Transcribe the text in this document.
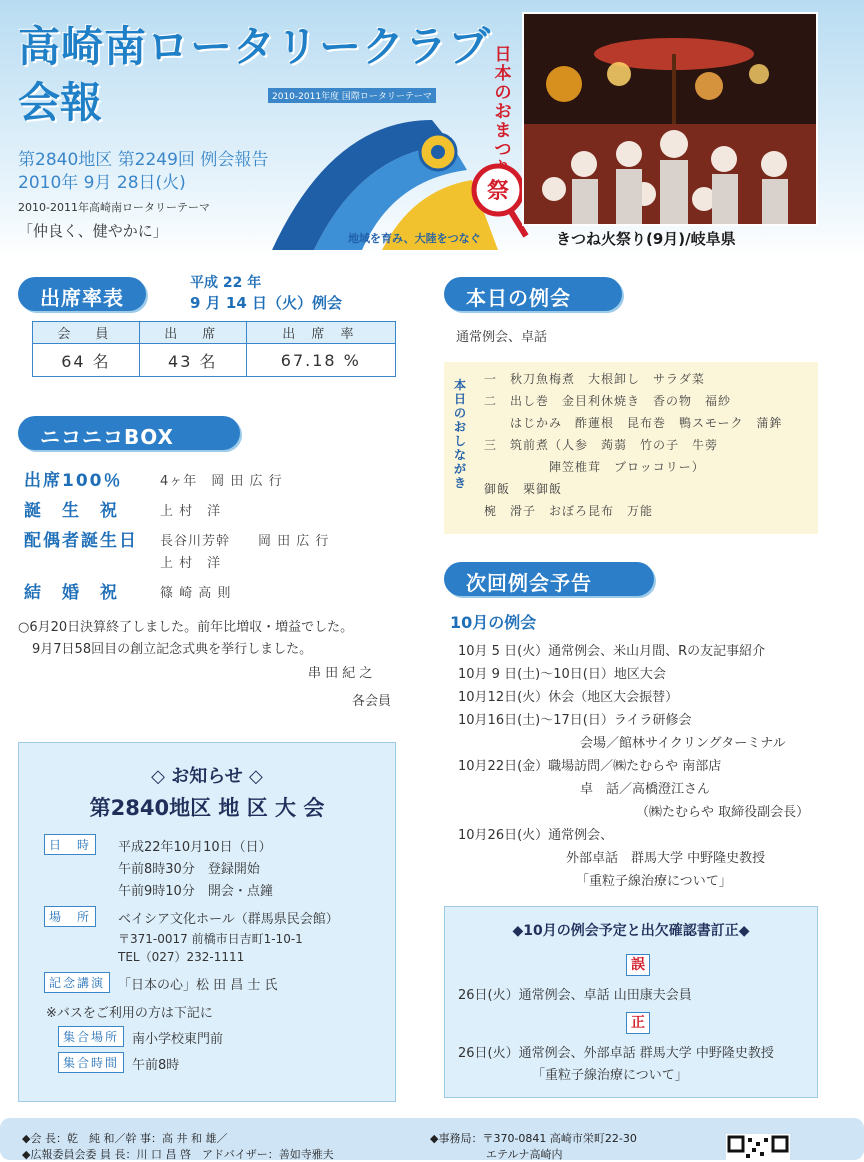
高崎南ロータリークラブ
会報
第2840地区 第2249回 例会報告
2010年 9月 28日(火)
2010-2011年高崎南ロータリーテーマ
「仲良く、健やかに」
2010-2011年度 国際ロータリーテーマ
地域を育み、大陸をつなぐ
日本のおまつ
祭
きつね火祭り(9月)/岐阜県
出席率表
平成 22 年
9 月 14 日（火）例会
会　員	出　席	出 席 率
64 名	43 名	67.18 %
ニコニコBOX
出席100％	4ヶ年　岡 田 広 行
誕　生　祝	上 村　洋
配偶者誕生日 長谷川芳幹　　岡 田 広 行
上 村　洋
結　婚　祝	篠 崎 高 則
○6月20日決算終了しました。前年比増収・増益でした。
9月7日58回目の創立記念式典を挙行しました。
串 田 紀 之
各会員
◇ お知らせ ◇
第2840地区 地 区 大 会
日　時	平成22年10月10日（日）
午前8時30分　登録開始
午前9時10分　開会・点鐘
場　所	ベイシア文化ホール（群馬県民会館）
〒371-0017 前橋市日吉町1-10-1
TEL（027）232-1111
記念講演 「日本の心」松 田 昌 士 氏
※バスをご利用の方は下記に
集合場所 南小学校東門前
集合時間 午前8時
本日の例会
通常例会、卓話
本日のおしながき
一　秋刀魚梅煮　大根卸し　サラダ菜
二　出し巻　金目利休焼き　香の物　福紗
　　はじかみ　酢蓮根　昆布巻　鴨スモーク　蒲鉾
三　筑前煮（人参　蒟蒻　竹の子　牛蒡
　　　　　陣笠椎茸　ブロッコリー）
御飯　栗御飯
椀　滑子　おぼろ昆布　万能
次回例会予告
10月の例会
10月 5 日(火）通常例会、米山月間、Rの友記事紹介
10月 9 日(土)～10日(日）地区大会
10月12日(火）休会（地区大会振替）
10月16日(土)～17日(日）ライラ研修会
会場／館林サイクリングターミナル
10月22日(金）職場訪問／㈱たむらや 南部店
卓　話／高橋澄江さん
（㈱たむらや 取締役副会長）
10月26日(火）通常例会、
外部卓話　群馬大学 中野隆史教授
「重粒子線治療について」
◆10月の例会予定と出欠確認書訂正◆
誤
26日(火）通常例会、卓話 山田康夫会員
正
26日(火）通常例会、外部卓話 群馬大学 中野隆史教授
「重粒子線治療について」
◆会 長：乾　純 和／幹 事：高 井 和 雄／
◆広報委員会委 員 長：川 口 昌 啓　アドバイザー：善如寺雅夫
◆事務局：〒370-0841 高崎市栄町22-30
エテルナ高崎内
